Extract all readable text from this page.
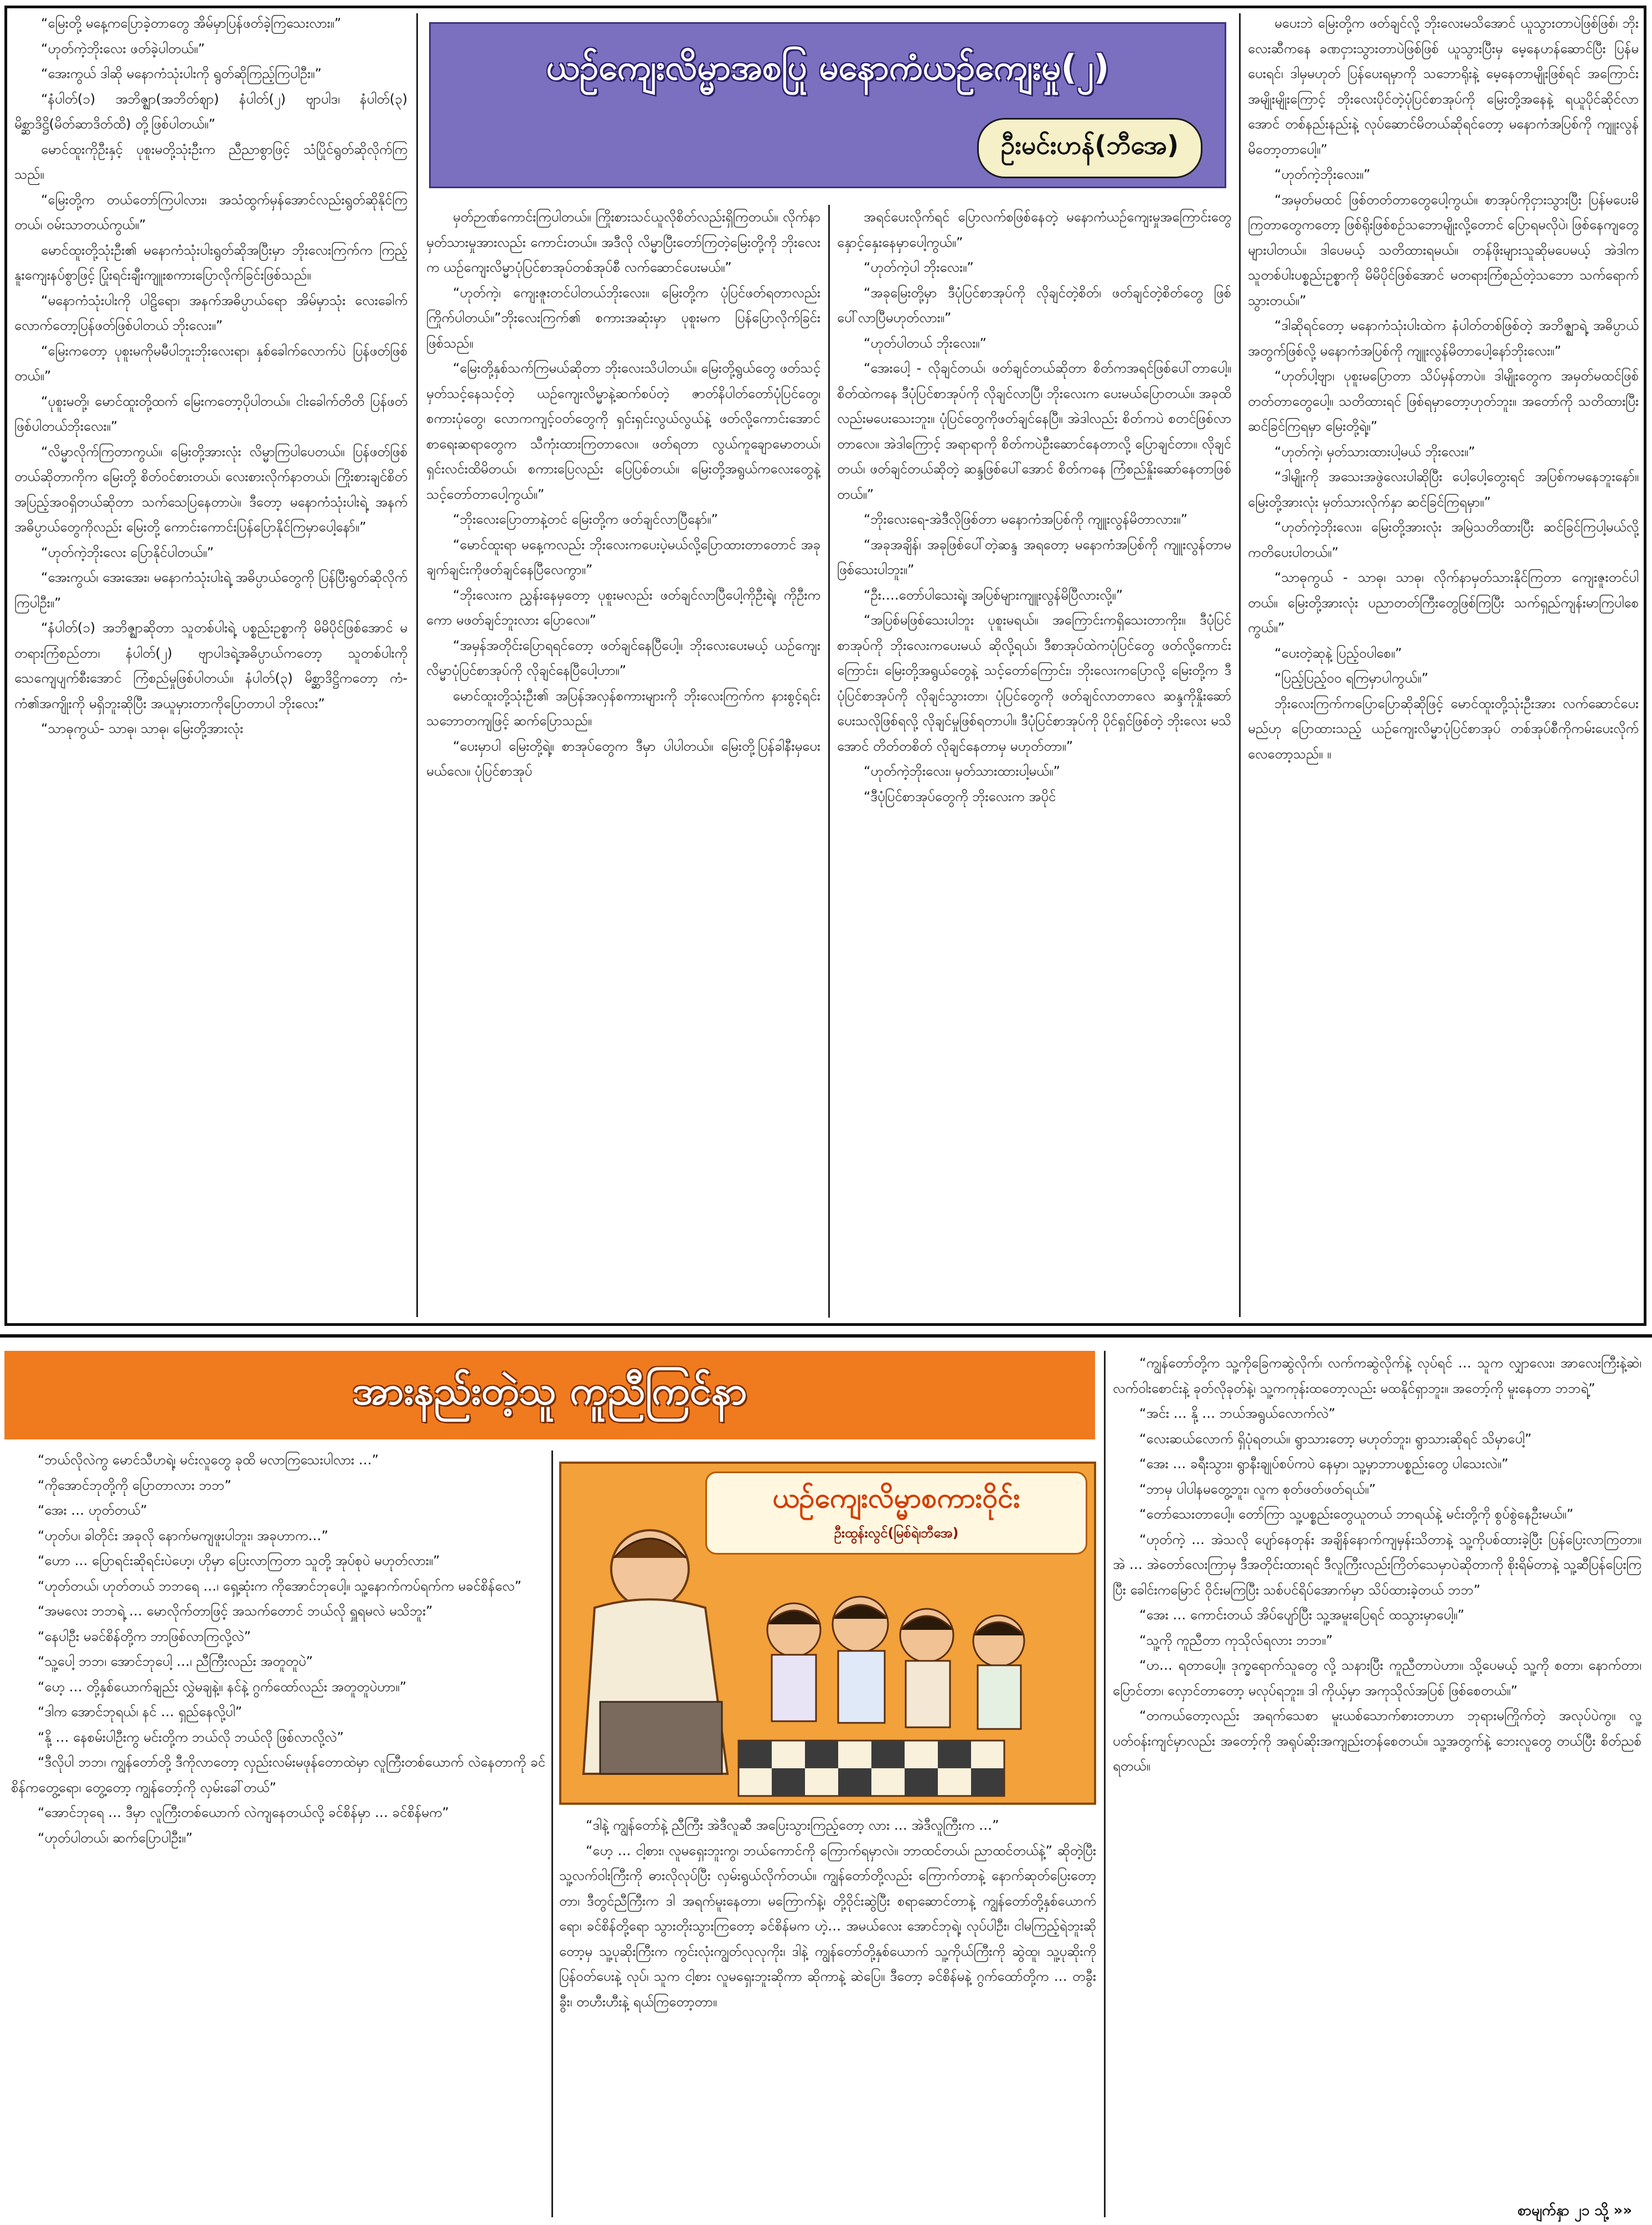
ယဉ်ကျေးလိမ္မာအစပြု မနောကံယဉ်ကျေးမှု(၂)
ဦးမင်းဟန်(ဘီအေ)

“မြေးတို့ မနေ့ကပြောခဲ့တာတွေ အိမ်မှာပြန်ဖတ်ခဲ့ကြသေးလား။”

“ဟုတ်ကဲ့ဘိုးလေး ဖတ်ခဲ့ပါတယ်။”

“အေးကွယ် ဒါဆို မနောကံသုံးပါးကို ရွတ်ဆိုကြည့်ကြပါဦး။”

“နံပါတ်(၁) အဘိဇ္ဈာ(အဘိတ်ဈာ) နံပါတ်(၂) ဗျာပါဒ၊ နံပါတ်(၃) မိစ္ဆာဒိဋ္ဌိ(မိတ်ဆာဒိတ်ထိ) တို့ဖြစ်ပါတယ်။”

မောင်ထူးကိုဦးနှင့် ပုစူးမတို့သုံးဦးက ညီညာစွာဖြင့် သံပြိုင်ရွတ်ဆိုလိုက်ကြသည်။

“မြေးတို့က တယ်တော်ကြပါလား၊ အသံထွက်မှန်အောင်လည်းရွတ်ဆိုနိုင်ကြတယ်၊ ဝမ်းသာတယ်ကွယ်။”

မောင်ထူးတို့သုံးဦး၏ မနောကံသုံးပါးရွတ်ဆိုအပြီးမှာ ဘိုးလေးကြက်က ကြည့်နူးကျေးနပ်စွာဖြင့် ပြုံးရင်းချီးကျူးစကားပြောလိုက်ခြင်းဖြစ်သည်။

“မနောကံသုံးပါးကို ပါဠိရော၊ အနက်အဓိပ္ပာယ်ရော အိမ်မှာသုံး လေးခေါက်လောက်တော့ပြန်ဖတ်ဖြစ်ပါတယ် ဘိုးလေး။”

“မြေးကတော့ ပုစူးမကိုမမီပါဘူးဘိုးလေးရာ၊ နှစ်ခေါက်လောက်ပဲ ပြန်ဖတ်ဖြစ်တယ်။”

“ပုစူးမတို့၊ မောင်ထူးတို့ထက် မြေးကတော့ပိုပါတယ်။ ငါးခေါက်တိတိ ပြန်ဖတ်ဖြစ်ပါတယ်ဘိုးလေး။”

“လိမ္မာလိုက်ကြတာကွယ်။ မြေးတို့အားလုံး လိမ္မာကြပါပေတယ်။ ပြန်ဖတ်ဖြစ်တယ်ဆိုတာကိုက မြေးတို့ စိတ်ဝင်စားတယ်၊ လေးစားလိုက်နာတယ်၊ ကြိုးစားချင်စိတ်အပြည့်အဝရှိတယ်ဆိုတာ သက်သေပြနေတာပဲ။ ဒီတော့ မနောကံသုံးပါးရဲ့ အနက်အဓိပ္ပာယ်တွေကိုလည်း မြေးတို့ ကောင်းကောင်းပြန်ပြောနိုင်ကြမှာပေါ့နော်။”

“ဟုတ်ကဲ့ဘိုးလေး ပြောနိုင်ပါတယ်။”

“အေးကွယ်၊ အေးအေး၊ မနောကံသုံးပါးရဲ့ အဓိပ္ပာယ်တွေကို ပြန်ပြီးရွတ်ဆိုလိုက်ကြပါဦး။”

“နံပါတ်(၁) အဘိဇ္ဈာဆိုတာ သူတစ်ပါးရဲ့ ပစ္စည်းဥစ္စာကို မိမိပိုင်ဖြစ်အောင် မတရားကြံစည်တာ၊ နံပါတ်(၂) ဗျာပါဒရဲ့အဓိပ္ပာယ်ကတော့ သူတစ်ပါးကိုသေကျေပျက်စီးအောင် ကြံစည်မှုဖြစ်ပါတယ်။ နံပါတ်(၃) မိစ္ဆာဒိဋ္ဌိကတော့ ကံ- ကံ၏အကျိုးကို မရှိဘူးဆိုပြီး အယူမှားတာကိုပြောတာပါ ဘိုးလေး”

“သာဓုကွယ်- သာဓု၊ သာဓု၊ မြေးတို့အားလုံး

မှတ်ဉာဏ်ကောင်းကြပါတယ်။ ကြိုးစားသင်ယူလိုစိတ်လည်းရှိကြတယ်။ လိုက်နာမှတ်သားမှုအားလည်း ကောင်းတယ်။ အဒီလို လိမ္မာပြီးတော်ကြတဲ့မြေးတို့ကို ဘိုးလေးက ယဉ်ကျေးလိမ္မာပုံပြင်စာအုပ်တစ်အုပ်စီ လက်ဆောင်ပေးမယ်။”

“ဟုတ်ကဲ့၊ ကျေးဇူးတင်ပါတယ်ဘိုးလေး။ မြေးတို့က ပုံပြင်ဖတ်ရတာလည်းကြိုက်ပါတယ်။”ဘိုးလေးကြက်၏ စကားအဆုံးမှာ ပုစူးမက ပြန်ပြောလိုက်ခြင်းဖြစ်သည်။

“မြေးတို့နှစ်သက်ကြမယ်ဆိုတာ ဘိုးလေးသိပါတယ်။ မြေးတို့ရွယ်တွေ ဖတ်သင့်မှတ်သင့်နေသင့်တဲ့ ယဉ်ကျေးလိမ္မာနဲ့ဆက်စပ်တဲ့ ဇာတ်နိပါတ်တော်ပုံပြင်တွေ၊ စကားပုံတွေ၊ လောကကျင့်ဝတ်တွေကို ရှင်းရှင်းလွယ်လွယ်နဲ့ ဖတ်လို့ကောင်းအောင် စာရေးဆရာတွေက သီကုံးထားကြတာလေ။ ဖတ်ရတာ လွယ်ကူချောမောတယ်၊ ရှင်းလင်းထိမိတယ်၊ စကားပြေလည်း ပြေပြစ်တယ်။ မြေးတို့အရွယ်ကလေးတွေနဲ့ သင့်တော်တာပေါ့ကွယ်။”

“ဘိုးလေးပြောတာနဲ့တင် မြေးတို့က ဖတ်ချင်လာပြီနော်။”

“မောင်ထူးရာ မနေ့ကလည်း ဘိုးလေးကပေးပဲ့မယ်လို့ပြောထားတာတောင် အခုချက်ချင်းကိုဖတ်ချင်နေပြီလေကွာ။”

“ဘိုးလေးက ညွှန်းနေမှတော့ ပုစူးမလည်း ဖတ်ချင်လာပြီပေါ့ကိုဦးရဲ့၊ ကိုဦးကကော မဖတ်ချင်ဘူးလား ပြောလေ။”

“အမှန်အတိုင်းပြောရရင်တော့ ဖတ်ချင်နေပြီပေါ့။ ဘိုးလေးပေးမယ့် ယဉ်ကျေးလိမ္မာပုံပြင်စာအုပ်ကို လိုချင်နေပြီပေါ့ဟာ။”

မောင်ထူးတို့သုံးဦး၏ အပြန်အလှန်စကားများကို ဘိုးလေးကြက်က နားစွင့်ရင်း သဘောတကျဖြင့် ဆက်ပြောသည်။

“ပေးမှာပါ မြေးတို့ရဲ့။ စာအုပ်တွေက ဒီမှာ ပါပါတယ်။ မြေးတို့ပြန်ခါနီးမှပေးမယ်လေ။ ပုံပြင်စာအုပ်

အရင်ပေးလိုက်ရင် ပြောလက်စဖြစ်နေတဲ့ မနောကံယဉ်ကျေးမှုအကြောင်းတွေ နှောင့်နှေးနေမှာပေါ့ကွယ်။”

“ဟုတ်ကဲ့ပါ ဘိုးလေး။”

“အခုမြေးတို့မှာ ဒီပုံပြင်စာအုပ်ကို လိုချင်တဲ့စိတ်၊ ဖတ်ချင်တဲ့စိတ်တွေ ဖြစ်ပေါ်လာပြီမဟုတ်လား။”

“ဟုတ်ပါတယ် ဘိုးလေး။”

“အေးပေါ့ - လိုချင်တယ်၊ ဖတ်ချင်တယ်ဆိုတာ စိတ်ကအရင်ဖြစ်ပေါ်တာပေါ့။ စိတ်ထဲကနေ ဒီပုံပြင်စာအုပ်ကို လိုချင်လာပြီ၊ ဘိုးလေးက ပေးမယ်ပြောတယ်။ အခုထိလည်းမပေးသေးဘူး။ ပုံပြင်တွေကိုဖတ်ချင်နေပြီ။ အဲဒါလည်း စိတ်ကပဲ စတင်ဖြစ်လာတာလေ။ အဲဒါကြောင့် အရာရာကို စိတ်ကပဲဦးဆောင်နေတာလို့ ပြောချင်တာ။ လိုချင်တယ်၊ ဖတ်ချင်တယ်ဆိုတဲ့ ဆန္ဒဖြစ်ပေါ်အောင် စိတ်ကနေ ကြံစည်နှိုးဆော်နေတာဖြစ်တယ်။”

“ဘိုးလေးရေ-အဲဒီလိုဖြစ်တာ မနောကံအပြစ်ကို ကျူးလွန်မိတာလား။”

“အခုအချိန်၊ အခုဖြစ်ပေါ်တဲ့ဆန္ဒ အရတော့ မနောကံအပြစ်ကို ကျူးလွန်တာမဖြစ်သေးပါဘူး။”

“ဦး….တော်ပါသေးရဲ့၊ အပြစ်များကျူးလွန်မိပြီလားလို့။”

“အပြစ်မဖြစ်သေးပါဘူး ပုစူးမရယ်။ အကြောင်းကရှိသေးတာကိုး။ ဒီပုံပြင်စာအုပ်ကို ဘိုးလေးကပေးမယ် ဆိုလို့ရယ်၊ ဒီစာအုပ်ထဲကပုံပြင်တွေ ဖတ်လို့ကောင်းကြောင်း၊ မြေးတို့အရွယ်တွေနဲ့ သင့်တော်ကြောင်း၊ ဘိုးလေးကပြောလို့ မြေးတို့က ဒီပုံပြင်စာအုပ်ကို လိုချင်သွားတာ၊ ပုံပြင်တွေကို ဖတ်ချင်လာတာလေ ဆန္ဒကိုနှိုးဆော်ပေးသလိုဖြစ်ရလို့ လိုချင်မှုဖြစ်ရတာပါ။ ဒီပုံပြင်စာအုပ်ကို ပိုင်ရှင်ဖြစ်တဲ့ ဘိုးလေး မသိအောင် တိတ်တစိတ် လိုချင်နေတာမှ မဟုတ်တာ။”

“ဟုတ်ကဲ့ဘိုးလေး၊ မှတ်သားထားပါ့မယ်။”

“ဒီပုံပြင်စာအုပ်တွေကို ဘိုးလေးက အပိုင်

မပေးဘဲ မြေးတို့က ဖတ်ချင်လို့ ဘိုးလေးမသိအောင် ယူသွားတာပဲဖြစ်ဖြစ်၊ ဘိုးလေးဆီကနေ ခဏငှားသွားတာပဲဖြစ်ဖြစ် ယူသွားပြီးမှ မေ့နေဟန်ဆောင်ပြီး ပြန်မပေးရင်၊ ဒါမှမဟုတ် ပြန်ပေးရမှာကို သဘောရိုးနဲ့ မေ့နေတာမျိုးဖြစ်ရင် အကြောင်းအမျိုးမျိုးကြောင့် ဘိုးလေးပိုင်တဲ့ပုံပြင်စာအုပ်ကို မြေးတို့အနေနဲ့ ရယူပိုင်ဆိုင်လာအောင် တစ်နည်းနည်းနဲ့ လုပ်ဆောင်မိတယ်ဆိုရင်တော့ မနောကံအပြစ်ကို ကျူးလွန်မိတော့တာပေါ့။”

“ဟုတ်ကဲ့ဘိုးလေး။”

“အမှတ်မထင် ဖြစ်တတ်တာတွေပေါ့ကွယ်။ စာအုပ်ကိုငှားသွားပြီး ပြန်မပေးမိကြတာတွေကတော့ ဖြစ်ရိုးဖြစ်စဉ်သဘောမျိုးလို့တောင် ပြောရမလိုပဲ၊ ဖြစ်နေကျတွေများပါတယ်။ ဒါပေမယ့် သတိထားရမယ်။ တန်ဖိုးများသူဆိုမပေမယ့် အဲဒါက သူတစ်ပါးပစ္စည်းဥစ္စာကို မိမိပိုင်ဖြစ်အောင် မတရားကြံစည်တဲ့သဘော သက်ရောက်သွားတယ်။”

“ဒါဆိုရင်တော့ မနောကံသုံးပါးထဲက နံပါတ်တစ်ဖြစ်တဲ့ အဘိဇ္ဈာရဲ့ အဓိပ္ပာယ်အတွက်ဖြစ်လို့ မနောကံအပြစ်ကို ကျူးလွန်မိတာပေါ့နော်ဘိုးလေး။”

“ဟုတ်ပါ့ဗျာ၊ ပုစူးမပြောတာ သိပ်မှန်တာပဲ။ ဒါမျိုးတွေက အမှတ်မထင်ဖြစ်တတ်တာတွေပေါ့။ သတိထားရင် ဖြစ်ရမှာတော့ဟုတ်ဘူး။ အတော်ကို သတိထားပြီး ဆင်ခြင်ကြရမှာ မြေးတို့ရဲ့။”

“ဟုတ်ကဲ့၊ မှတ်သားထားပါ့မယ် ဘိုးလေး။”

“ဒါမျိုးကို အသေးအဖွဲလေးပါဆိုပြီး ပေါ့ပေါ့တွေးရင် အပြစ်ကမနေဘူးနော်။ မြေးတို့အားလုံး မှတ်သားလိုက်နှာ ဆင်ခြင်ကြရမှာ။”

“ဟုတ်ကဲ့ဘိုးလေး၊ မြေးတို့အားလုံး အမြဲသတိထားပြီး ဆင်ခြင်ကြပါ့မယ်လို့ ကတိပေးပါတယ်။”

“သာဓုကွယ် - သာဓု၊ သာဓု၊ လိုက်နာမှတ်သားနိုင်ကြတာ ကျေးဇူးတင်ပါတယ်။ မြေးတို့အားလုံး ပညာတတ်ကြီးတွေဖြစ်ကြပြီး သက်ရှည်ကျန်းမာကြပါစေကွယ်။”

“ပေးတဲ့ဆုနဲ့ ပြည့်ဝပါစေ။”

“ပြည့်ပြည့်ဝဝ ရကြမှာပါကွယ်။”

ဘိုးလေးကြက်ကပြောပြောဆိုဆိုဖြင့် မောင်ထူးတို့သုံးဦးအား လက်ဆောင်ပေးမည်ဟု ပြောထားသည့် ယဉ်ကျေးလိမ္မာပုံပြင်စာအုပ် တစ်အုပ်စီကိုကမ်းပေးလိုက်လေတော့သည်။ ။

အားနည်းတဲ့သူ ကူညီကြင်နာ
ယဉ်ကျေးလိမ္မာစကားဝိုင်း
ဦးထွန်းလွင်(မြစ်ရဲ၊ဘီအေ)

“ဘယ်လိုလဲကွ မောင်သီဟရဲ့၊ မင်းလူတွေ ခုထိ မလာကြသေးပါလား …”

“ကိုအောင်ဘုတို့ကို ပြောတာလား ဘဘ”

“အေး … ဟုတ်တယ်”

“ဟုတ်ပ၊ ခါတိုင်း အခုလို နောက်မကျဖူးပါဘူး၊ အခုဟာက…”

“ဟော … ပြောရင်းဆိုရင်းပဲဟေ့၊ ဟိုမှာ ပြေးလာကြတာ သူတို့ အုပ်စုပဲ မဟုတ်လား။”

“ဟုတ်တယ်၊ ဟုတ်တယ် ဘဘရေ …၊ ရှေ့ဆုံးက ကိုအောင်ဘုပေါ့။ သူ့နောက်ကပ်ရက်က မခင်စိန်လေ”

“အမလေး ဘဘရဲ့ … မောလိုက်တာဖြင့် အသက်တောင် ဘယ်လို ရှူရမလဲ မသိဘူး”

“နေပါဦး မခင်စိန်တို့က ဘာဖြစ်လာကြလို့လဲ”

“သူ့ပေါ့ ဘဘ၊ အောင်ဘုပေါ့ …၊ ညီကြီးလည်း အတူတူပဲ”

“ဟေ့ … တို့နှစ်ယောက်ချည်း လွှဲမချနဲ့။ နင်နဲ့ ဂွက်ထော်လည်း အတူတူပဲဟာ။”

“ဒါက အောင်ဘုရယ်၊ နင် … ရှည်နေလို့ပါ”

“နို့ … နေစမ်းပါဦးကွ မင်းတို့က ဘယ်လို ဘယ်လို ဖြစ်လာလို့လဲ”

“ဒီလိုပါ ဘဘ၊ ကျွန်တော်တို့ ဒီကိုလာတော့ လှည်းလမ်းမဖုန်တောထဲမှာ လူကြီးတစ်ယောက် လဲနေတာကို ခင်စိန်ကတွေ့ရော၊ တွေ့တော့ ကျွန်တော့်ကို လှမ်းခေါ်တယ်”

“အောင်ဘုရေ … ဒီမှာ လူကြီးတစ်ယောက် လဲကျနေတယ်လို့ ခင်စိန်မှာ … ခင်စိန်မက”

“ဟုတ်ပါတယ်၊ ဆက်ပြောပါဦး။”

“ဒါနဲ့ ကျွန်တော်နဲ့ ညီကြီး အဲဒီလူဆီ အပြေးသွားကြည့်တော့ လား … အဲဒီလူကြီးက …”

“ဟေ့ … ငါ့စား၊ လူမရှေးဘူးကွ၊ ဘယ်ကောင်ကို ကြောက်ရမှာလဲ။ ဘာထင်တယ်၊ ညာထင်တယ်နဲ့” ဆိုတဲ့ပြီး သူ့လက်ဝါးကြီးကို ဓားလိုလုပ်ပြီး လှမ်းရွယ်လိုက်တယ်။ ကျွန်တော်တို့လည်း ကြောက်တာနဲ့ နောက်ဆုတ်ပြေးတော့တာ၊ ဒီတွင်ညီကြီးက ဒါ အရက်မူးနေတာ၊ မကြောက်နဲ့၊ တို့ဝိုင်းဆွဲပြီး စရာဆောင်တာနဲ့ ကျွန်တော်တို့နှစ်ယောက်ရော၊ ခင်စိန်တို့ရော သွားတိုးသွားကြတော့ ခင်စိန်မက ဟဲ့… အမယ်လေး အောင်ဘုရဲ့၊ လုပ်ပါဦး၊ ငါမကြည့်ရဲဘူးဆိုတော့မှ သူ့ပုဆိုးကြီးက ကွင်းလုံးကျွတ်လုလုကိုး၊ ဒါနဲ့ ကျွန်တော်တို့နှစ်ယောက် သူ့ကိုယ်ကြီးကို ဆွဲထူ၊ သူ့ပုဆိုးကို ပြန်ဝတ်ပေးနဲ့ လုပ်၊ သူက ငါ့စား လူမရှေးဘူးဆိုကာ ဆိုကာနဲ့ ဆဲပြေ။ ဒီတော့ ခင်စိန်မနဲ့ ဂွက်ထော်တို့က … တခွီးခွီး၊ တဟီးဟီးနဲ့ ရယ်ကြတော့တာ။

“ကျွန်တော်တို့က သူ့ကိုခြေကဆွဲလိုက်၊ လက်ကဆွဲလိုက်နဲ့ လုပ်ရင် … သူက လျှာလေး၊ အာလေးကြီးနဲ့ဆဲ၊ လက်ဝါးစောင်းနဲ့ ခုတ်လိုခုတ်နဲ့၊ သူ့ကကုန်းထတော့လည်း မထနိုင်ရှာဘူး။ အတော့်ကို မူးနေတာ ဘဘရဲ့”

“အင်း … နို့ … ဘယ်အရွယ်လောက်လဲ”

“လေးဆယ်လောက် ရှိပုံရတယ်။ ရွာသားတော့ မဟုတ်ဘူး၊ ရွာသားဆိုရင် သိမှာပေါ့”

“အေး … ခရီးသွား၊ ရွာနီးချုပ်စပ်ကပဲ နေမှာ၊ သူ့မှာဘာပစ္စည်းတွေ ပါသေးလဲ။”

“ဘာမှ ပါပါနမတွေ့ဘူး၊ လူက စုတ်ဖတ်ဖတ်ရယ်။”

“တော်သေးတာပေါ့။ တော်ကြာ သူ့ပစ္စည်းတွေယူတယ် ဘာရယ်နဲ့ မင်းတို့ကို စွပ်စွဲနေဦးမယ်။”

“ဟုတ်ကဲ့ … အဲသလို ပျော်နေတုန်း အချိန်နောက်ကျမှန်းသိတာနဲ့ သူ့ကိုပစ်ထားခဲ့ပြီး ပြန်ပြေးလာကြတာ။ အဲ … အဲတော်လေးကြာမှ ဒီအတိုင်းထားရင် ဒီလူကြီးလည်းကြိတ်သေမှာပဲဆိုတာကို စိုးရိမ်တာနဲ့ သူ့ဆီပြန်ပြေးကြပြီး ခေါင်းကမြောင် ဝိုင်းမကြပြီး သစ်ပင်ရိပ်အောက်မှာ သိပ်ထားခဲ့တယ် ဘဘ”

“အေး … ကောင်းတယ် အိပ်ပျော်ပြီး သူ့အမူးပြေရင် ထသွားမှာပေါ့။”

“သူ့ကို ကူညီတာ ကုသိုလ်ရလား ဘဘ။”

“ဟ… ရတာပေါ့။ ဒုက္ခရောက်သူတွေ လို့ သနားပြီး ကူညီတာပဲဟာ။ သို့ပေမယ့် သူ့ကို စတာ၊ နောက်တာ၊ ပြောင်တာ၊ လှောင်တာတော့ မလုပ်ရဘူး။ ဒါ ကိုယ့်မှာ အကုသိုလ်အပြစ် ဖြစ်စေတယ်။”

“တကယ်တော့လည်း အရက်သေစာ မူးယစ်သောက်စားတာဟာ ဘုရားမကြိုက်တဲ့ အလုပ်ပဲကွ။ လူ့ပတ်ဝန်းကျင်မှာလည်း အတော့်ကို အရုပ်ဆိုးအကျည်းတန်စေတယ်။ သူ့အတွက်နဲ့ ဘေးလူတွေ တယ်ပြီး စိတ်ညစ်ရတယ်။

စာမျက်နှာ ၂၁ သို့ »»
